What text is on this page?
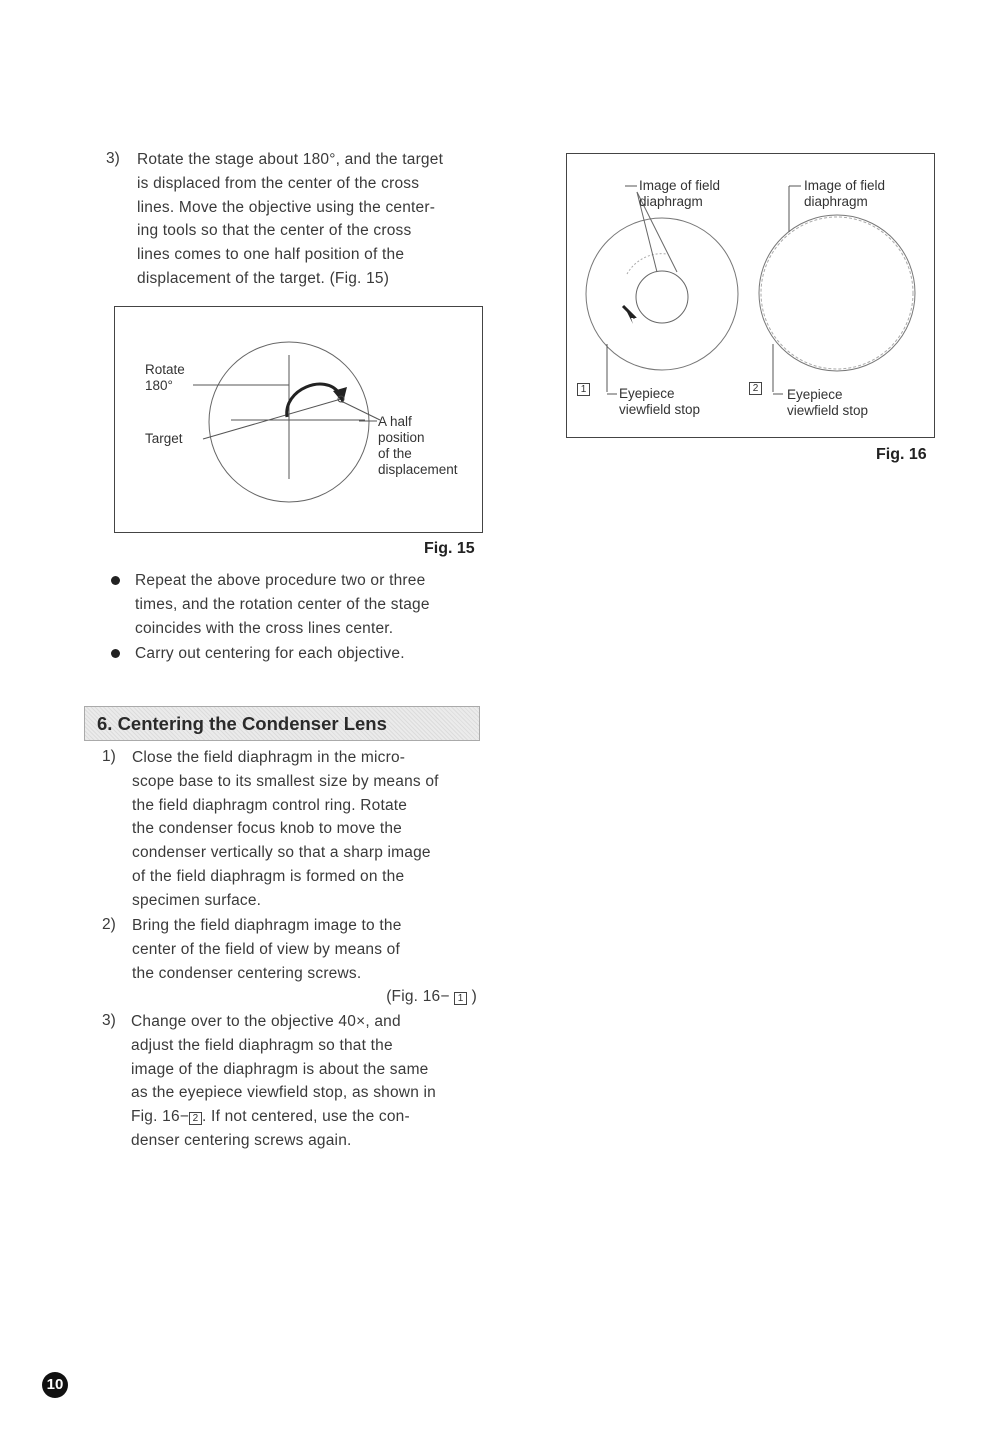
3) Rotate the stage about 180°, and the target
is displaced from the center of the cross
lines. Move the objective using the center-
ing tools so that the center of the cross
lines comes to one half position of the
displacement of the target. (Fig. 15)
Rotate
180°
Target
A half
position
of the
displacement
Fig. 15
Repeat the above procedure two or three
times, and the rotation center of the stage
coincides with the cross lines center.
Carry out centering for each objective.
6. Centering the Condenser Lens
1) Close the field diaphragm in the micro-
scope base to its smallest size by means of
the field diaphragm control ring. Rotate
the condenser focus knob to move the
condenser vertically so that a sharp image
of the field diaphragm is formed on the
specimen surface.
2) Bring the field diaphragm image to the
center of the field of view by means of
the condenser centering screws.
(Fig. 16− 1 )
3) Change over to the objective 40×, and
adjust the field diaphragm so that the
image of the diaphragm is about the same
as the eyepiece viewfield stop, as shown in
Fig. 16− 2 . If not centered, use the con-
denser centering screws again.
Image of field
diaphragm
Image of field
diaphragm
1 Eyepiece
viewfield stop
2 Eyepiece
viewfield stop
Fig. 16
10
